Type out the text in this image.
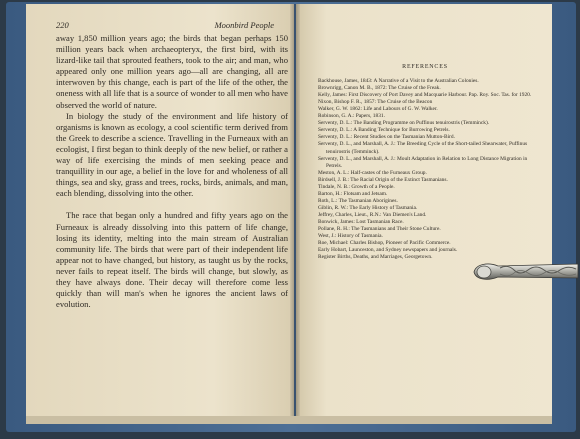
220	Moonbird People

away 1,850 million years ago; the birds that began perhaps 150 million years back when archaeopteryx, the first bird, with its lizard-like tail that sprouted feathers, took to the air; and man, who appeared only one million years ago—all are changing, all are interwoven by this change, each is part of the life of the other, the oneness with all life that is a source of wonder to all men who have observed the world of nature.

In biology the study of the environment and life history of organisms is known as ecology, a cool scientific term derived from the Greek to describe a science. Travelling in the Furneaux with an ecologist, I first began to think deeply of the new belief, or rather a way of life exercising the minds of men seeking peace and tranquillity in our age, a belief in the love for and wholeness of all things, sea and sky, grass and trees, rocks, birds, animals, and man, each blending, dissolving into the other.

The race that began only a hundred and fifty years ago on the Furneaux is already dissolving into this pattern of life change, losing its identity, melting into the main stream of Australian community life. The birds that were part of their independent life appear not to have changed, but history, as taught us by the rocks, never fails to repeat itself. The birds will change, but slowly, as they have always done. Their decay will therefore come less quickly than will man's when he ignores the ancient laws of evolution.

REFERENCES
Backhouse, James, 1843: A Narrative of a Visit to the Australian Colonies.
Brownrigg, Canon M. B., 1872: The Cruise of the Freak.
Kelly, James: First Discovery of Port Davey and Macquarie Harbour. Pap. Roy. Soc. Tas. for 1920.
Nixon, Bishop F. R., 1857: The Cruise of the Beacon
Walker, G. W. 1862: Life and Labours of G. W. Walker.
Robinson, G. A.: Papers, 1831.
Serventy, D. L.: The Banding Programme on Puffinus tenuirostris (Temminck).
Serventy, D. L.: A Banding Technique for Burrowing Petrels.
Serventy, D. L.: Recent Studies on the Tasmanian Mutton-Bird.
Serventy, D. L., and Marshall, A. J.: The Breeding Cycle of the Short-tailed Shearwater, Puffinus tenuirostris (Temminck).
Serventy, D. L., and Marshall, A. J.: Moult Adaptation in Relation to Long Distance Migration in Petrels.
Meston, A. L.: Half-castes of the Furneaux Group.
Birdsell, J. B.: The Racial Origin of the Extinct Tasmanians.
Tindale, N. B.: Growth of a People.
Barton, H.: Flotsam and Jetsam.
Roth, L.: The Tasmanian Aborigines.
Giblin, R. W.: The Early History of Tasmania.
Jeffrey, Charles, Lieut., R.N.: Van Diemen's Land.
Bonwick, James: Lost Tasmanian Race.
Pollane, R. H.: The Tasmanians and Their Stone Culture.
West, J.: History of Tasmania.
Roe, Michael: Charles Bishop, Pioneer of Pacific Commerce.
Early Hobart, Launceston, and Sydney newspapers and journals.
Register Births, Deaths, and Marriages, Georgetown.
